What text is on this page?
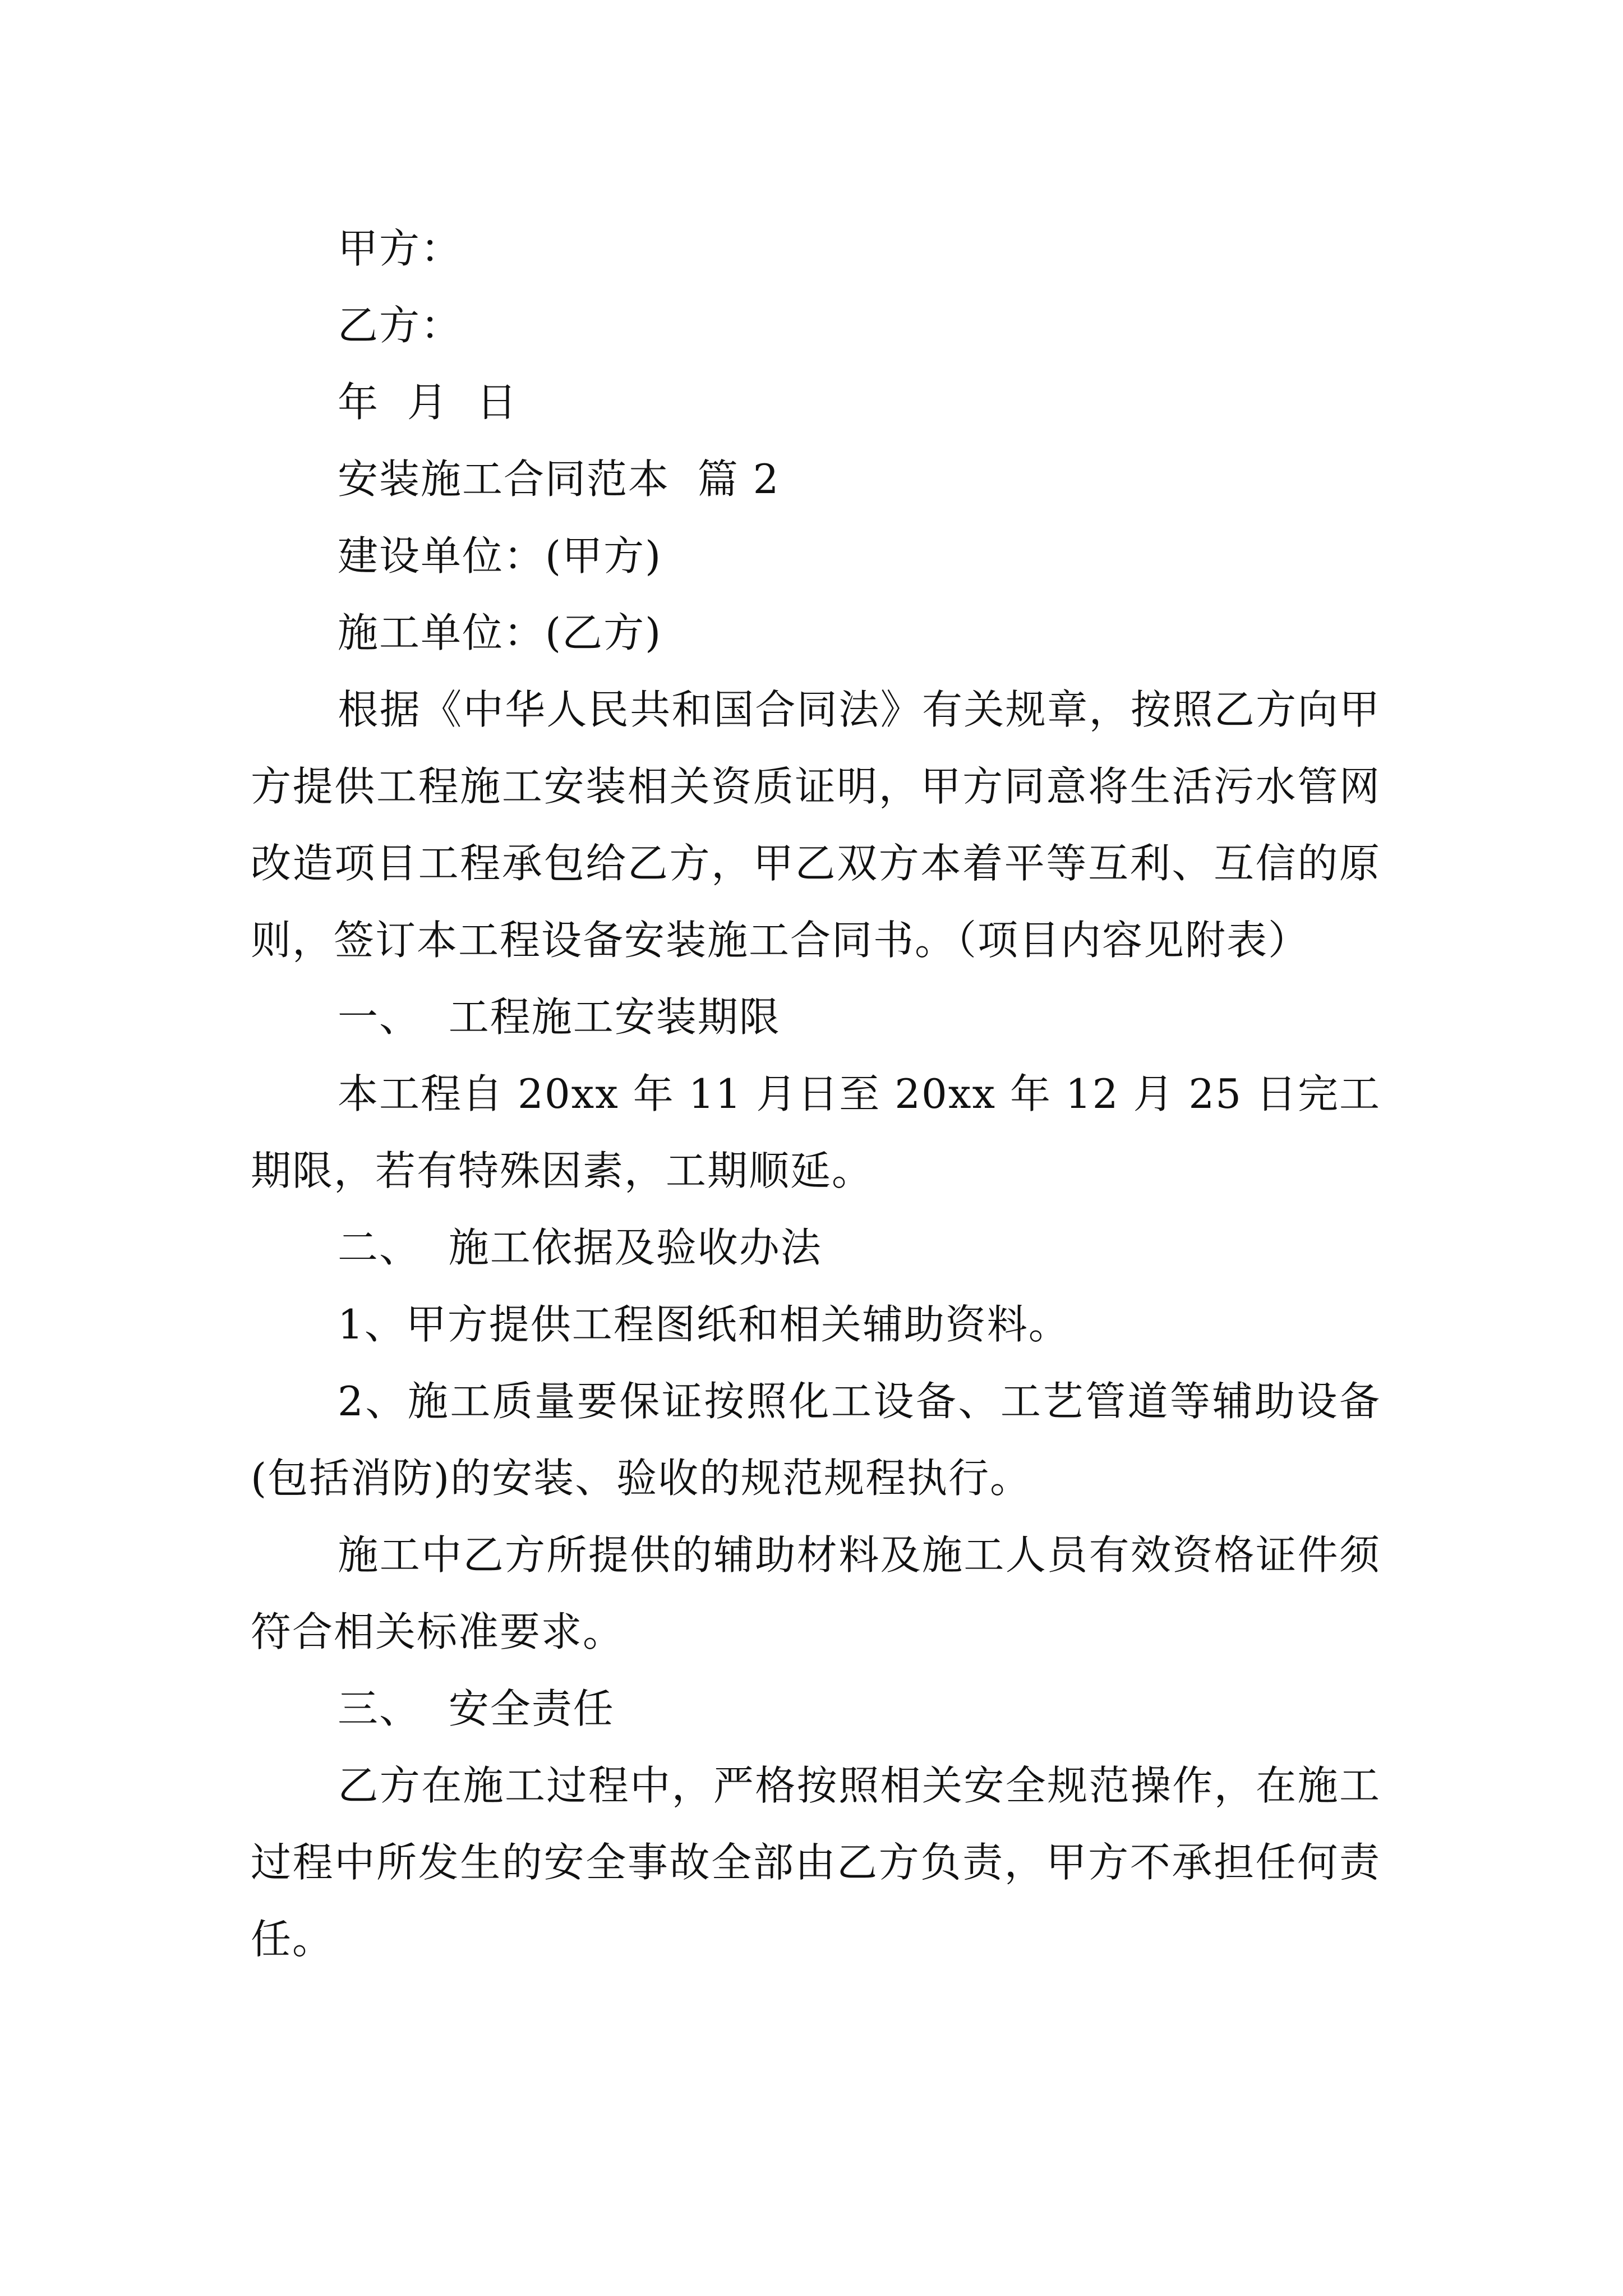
甲方：

乙方：

年  月  日

安装施工合同范本  篇 2

建设单位：(甲方)

施工单位：(乙方)

根据《中华人民共和国合同法》有关规章，按照乙方向甲方提供工程施工安装相关资质证明，甲方同意将生活污水管网改造项目工程承包给乙方，甲乙双方本着平等互利、互信的原则，签订本工程设备安装施工合同书。（项目内容见附表）

一、  工程施工安装期限

本工程自 20xx 年 11 月日至 20xx 年 12 月 25 日完工期限，若有特殊因素，工期顺延。

二、  施工依据及验收办法

1、甲方提供工程图纸和相关辅助资料。

2、施工质量要保证按照化工设备、工艺管道等辅助设备(包括消防)的安装、验收的规范规程执行。

施工中乙方所提供的辅助材料及施工人员有效资格证件须符合相关标准要求。

三、  安全责任

乙方在施工过程中，严格按照相关安全规范操作，在施工过程中所发生的安全事故全部由乙方负责，甲方不承担任何责任。
